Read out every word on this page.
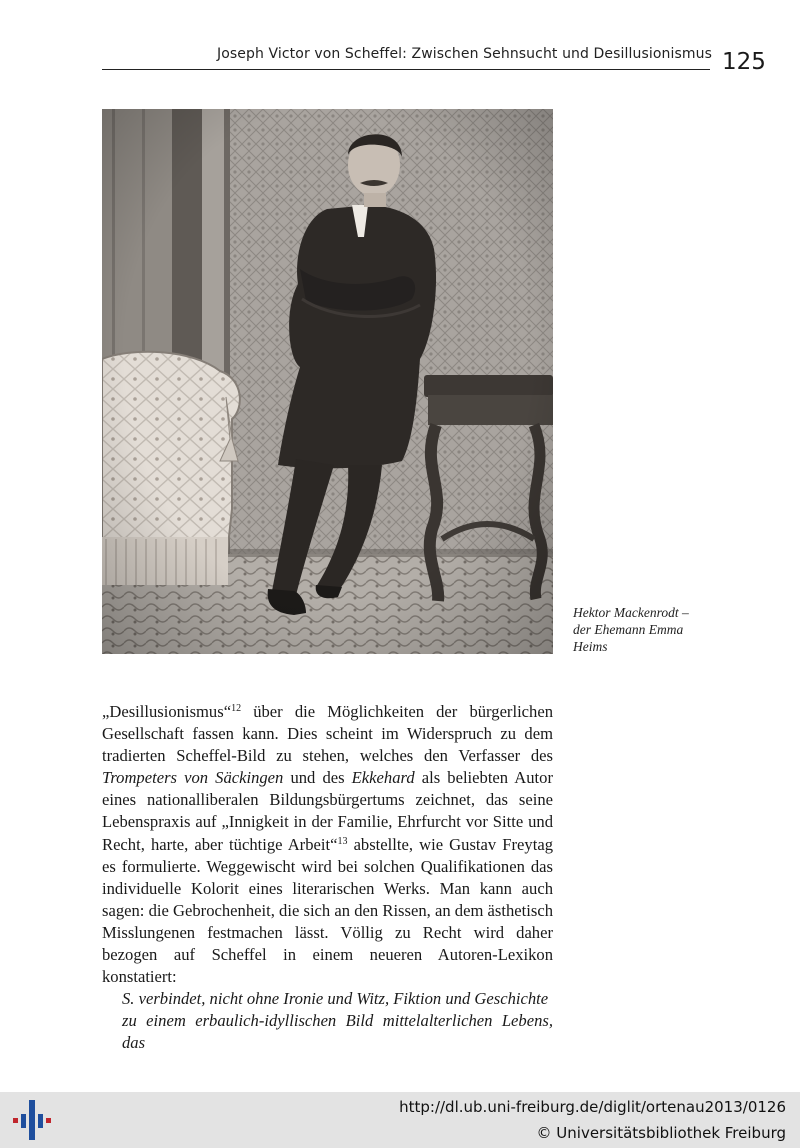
Joseph Victor von Scheffel: Zwischen Sehnsucht und Desillusionismus 125
Hektor Mackenrodt –
der Ehemann Emma
Heims

„Desillusionismus“$^{12}$ über die Möglichkeiten der bürgerlichen Gesellschaft fassen kann. Dies scheint im Widerspruch zu dem tradierten Scheffel-Bild zu stehen, welches den Verfasser des Trompeters von Säckingen und des Ekkehard als beliebten Autor eines nationalliberalen Bildungsbürgertums zeichnet, das seine Lebenspraxis auf „Innigkeit in der Familie, Ehrfurcht vor Sitte und Recht, harte, aber tüchtige Arbeit“$^{13}$ abstellte, wie Gustav Freytag es formulierte. Weggewischt wird bei solchen Qualifikationen das individuelle Kolorit eines literarischen Werks. Man kann auch sagen: die Gebrochenheit, die sich an den Rissen, an dem ästhetisch Misslungenen festmachen lässt. Völlig zu Recht wird daher bezogen auf Scheffel in einem neueren Autoren-Lexikon konstatiert:

S. verbindet, nicht ohne Ironie und Witz, Fiktion und Geschichte
zu einem erbaulich-idyllischen Bild mittelalterlichen Lebens, das
http://dl.ub.uni-freiburg.de/diglit/ortenau2013/0126
© Universitätsbibliothek Freiburg
